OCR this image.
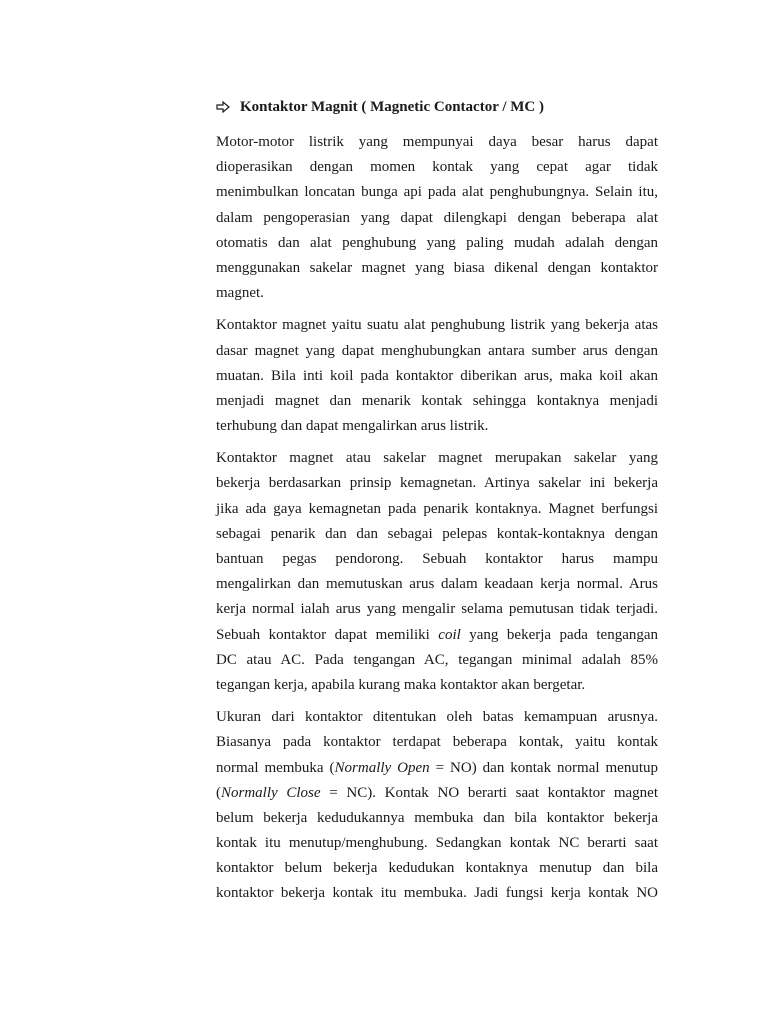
Kontaktor Magnit ( Magnetic Contactor / MC )
Motor-motor listrik yang mempunyai daya besar harus dapat
dioperasikan dengan momen kontak yang cepat agar tidak
menimbulkan loncatan bunga api pada alat penghubungnya. Selain itu,
dalam pengoperasian yang dapat dilengkapi dengan beberapa alat
otomatis dan alat penghubung yang paling mudah adalah dengan
menggunakan sakelar magnet yang biasa dikenal dengan kontaktor
magnet.
Kontaktor magnet yaitu suatu alat penghubung listrik yang bekerja atas
dasar magnet yang dapat menghubungkan antara sumber arus dengan
muatan. Bila inti koil pada kontaktor diberikan arus, maka koil akan
menjadi magnet dan menarik kontak sehingga kontaknya menjadi
terhubung dan dapat mengalirkan arus listrik.
Kontaktor magnet atau sakelar magnet merupakan sakelar yang
bekerja berdasarkan prinsip kemagnetan. Artinya sakelar ini bekerja
jika ada gaya kemagnetan pada penarik kontaknya. Magnet berfungsi
sebagai penarik dan dan sebagai pelepas kontak-kontaknya dengan
bantuan pegas pendorong. Sebuah kontaktor harus mampu
mengalirkan dan memutuskan arus dalam keadaan kerja normal. Arus
kerja normal ialah arus yang mengalir selama pemutusan tidak terjadi.
Sebuah kontaktor dapat memiliki coil yang bekerja pada tengangan
DC atau AC. Pada tengangan AC, tegangan minimal adalah 85%
tegangan kerja, apabila kurang maka kontaktor akan bergetar.
Ukuran dari kontaktor ditentukan oleh batas kemampuan arusnya.
Biasanya pada kontaktor terdapat beberapa kontak, yaitu kontak
normal membuka (Normally Open = NO) dan kontak normal menutup
(Normally Close = NC). Kontak NO berarti saat kontaktor magnet
belum bekerja kedudukannya membuka dan bila kontaktor bekerja
kontak itu menutup/menghubung. Sedangkan kontak NC berarti saat
kontaktor belum bekerja kedudukan kontaknya menutup dan bila
kontaktor bekerja kontak itu membuka. Jadi fungsi kerja kontak NO
